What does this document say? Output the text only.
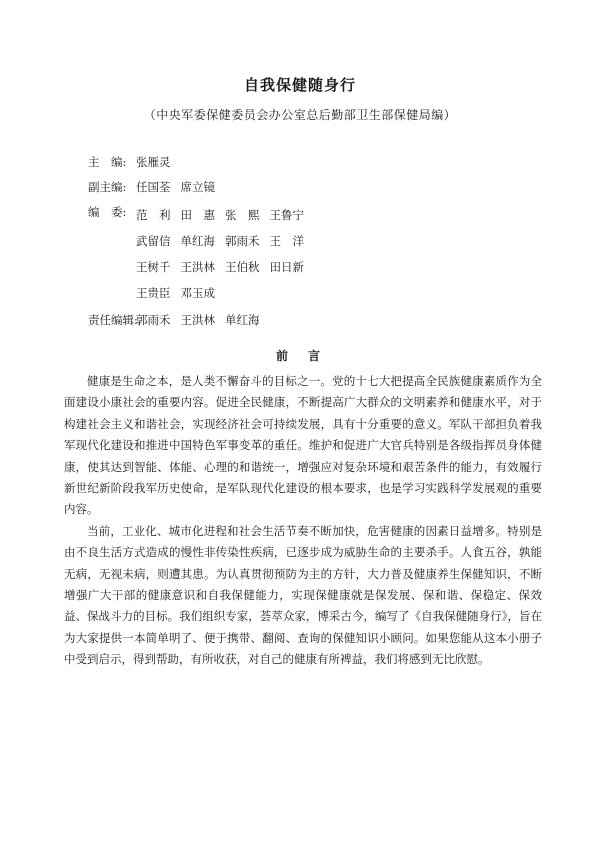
自我保健随身行
（中央军委保健委员会办公室总后勤部卫生部保健局编）
主　编: 张雁灵
副主编: 任国荃 席立镜
编　委: 范　利 田　惠 张　熙 王鲁宁
武留信 单红海 郭雨禾 王　洋
王树千 王洪林 王伯秋 田日新
王贵臣 邓玉成
责任编辑:
郭雨禾 王洪林 单红海
前　言

健康是生命之本，是人类不懈奋斗的目标之一。党的十七大把提高全民族健康素质作为全面建设小康社会的重要内容。促进全民健康，不断提高广大群众的文明素养和健康水平，对于构建社会主义和谐社会，实现经济社会可持续发展，具有十分重要的意义。军队干部担负着我军现代化建设和推进中国特色军事变革的重任。维护和促进广大官兵特别是各级指挥员身体健康，使其达到智能、体能、心理的和谐统一，增强应对复杂环境和艰苦条件的能力，有效履行新世纪新阶段我军历史使命，是军队现代化建设的根本要求，也是学习实践科学发展观的重要内容。

当前，工业化、城市化进程和社会生活节奏不断加快，危害健康的因素日益增多。特别是由不良生活方式造成的慢性非传染性疾病，已逐步成为威胁生命的主要杀手。人食五谷，孰能无病，无视未病，则遭其患。为认真贯彻预防为主的方针，大力普及健康养生保健知识，不断增强广大干部的健康意识和自我保健能力，实现保健康就是保发展、保和谐、保稳定、保效益、保战斗力的目标。我们组织专家，荟萃众家，博采古今，编写了《自我保健随身行》，旨在为大家提供一本简单明了、便于携带、翻阅、查询的保健知识小顾问。如果您能从这本小册子中受到启示，得到帮助，有所收获，对自己的健康有所裨益，我们将感到无比欣慰。
